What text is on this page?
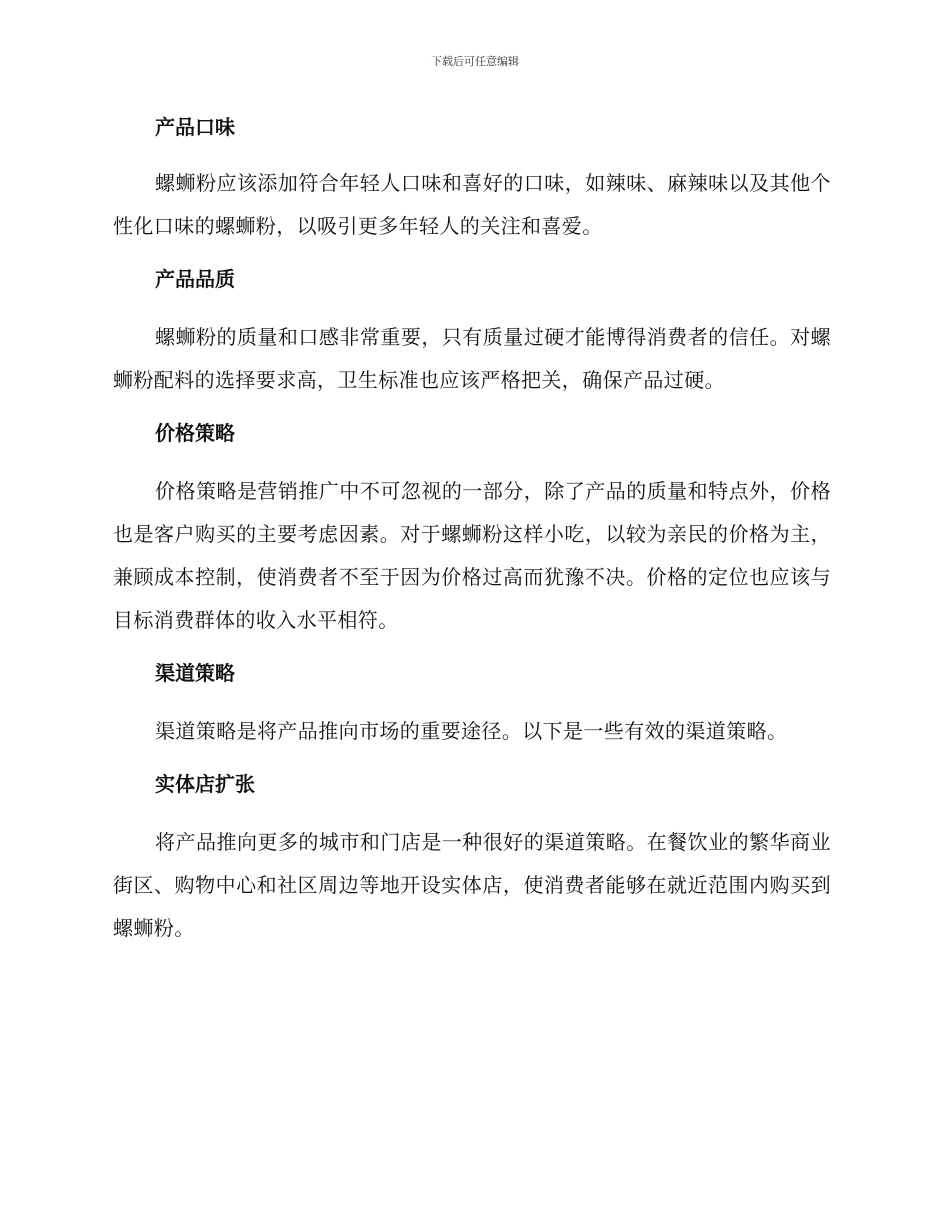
下载后可任意编辑
产品口味

螺蛳粉应该添加符合年轻人口味和喜好的口味，如辣味、麻辣味以及其他个性化口味的螺蛳粉，以吸引更多年轻人的关注和喜爱。

产品品质

螺蛳粉的质量和口感非常重要，只有质量过硬才能博得消费者的信任。对螺蛳粉配料的选择要求高，卫生标准也应该严格把关，确保产品过硬。

价格策略

价格策略是营销推广中不可忽视的一部分，除了产品的质量和特点外，价格也是客户购买的主要考虑因素。对于螺蛳粉这样小吃，以较为亲民的价格为主，兼顾成本控制，使消费者不至于因为价格过高而犹豫不决。价格的定位也应该与目标消费群体的收入水平相符。

渠道策略

渠道策略是将产品推向市场的重要途径。以下是一些有效的渠道策略。

实体店扩张

将产品推向更多的城市和门店是一种很好的渠道策略。在餐饮业的繁华商业街区、购物中心和社区周边等地开设实体店，使消费者能够在就近范围内购买到螺蛳粉。
